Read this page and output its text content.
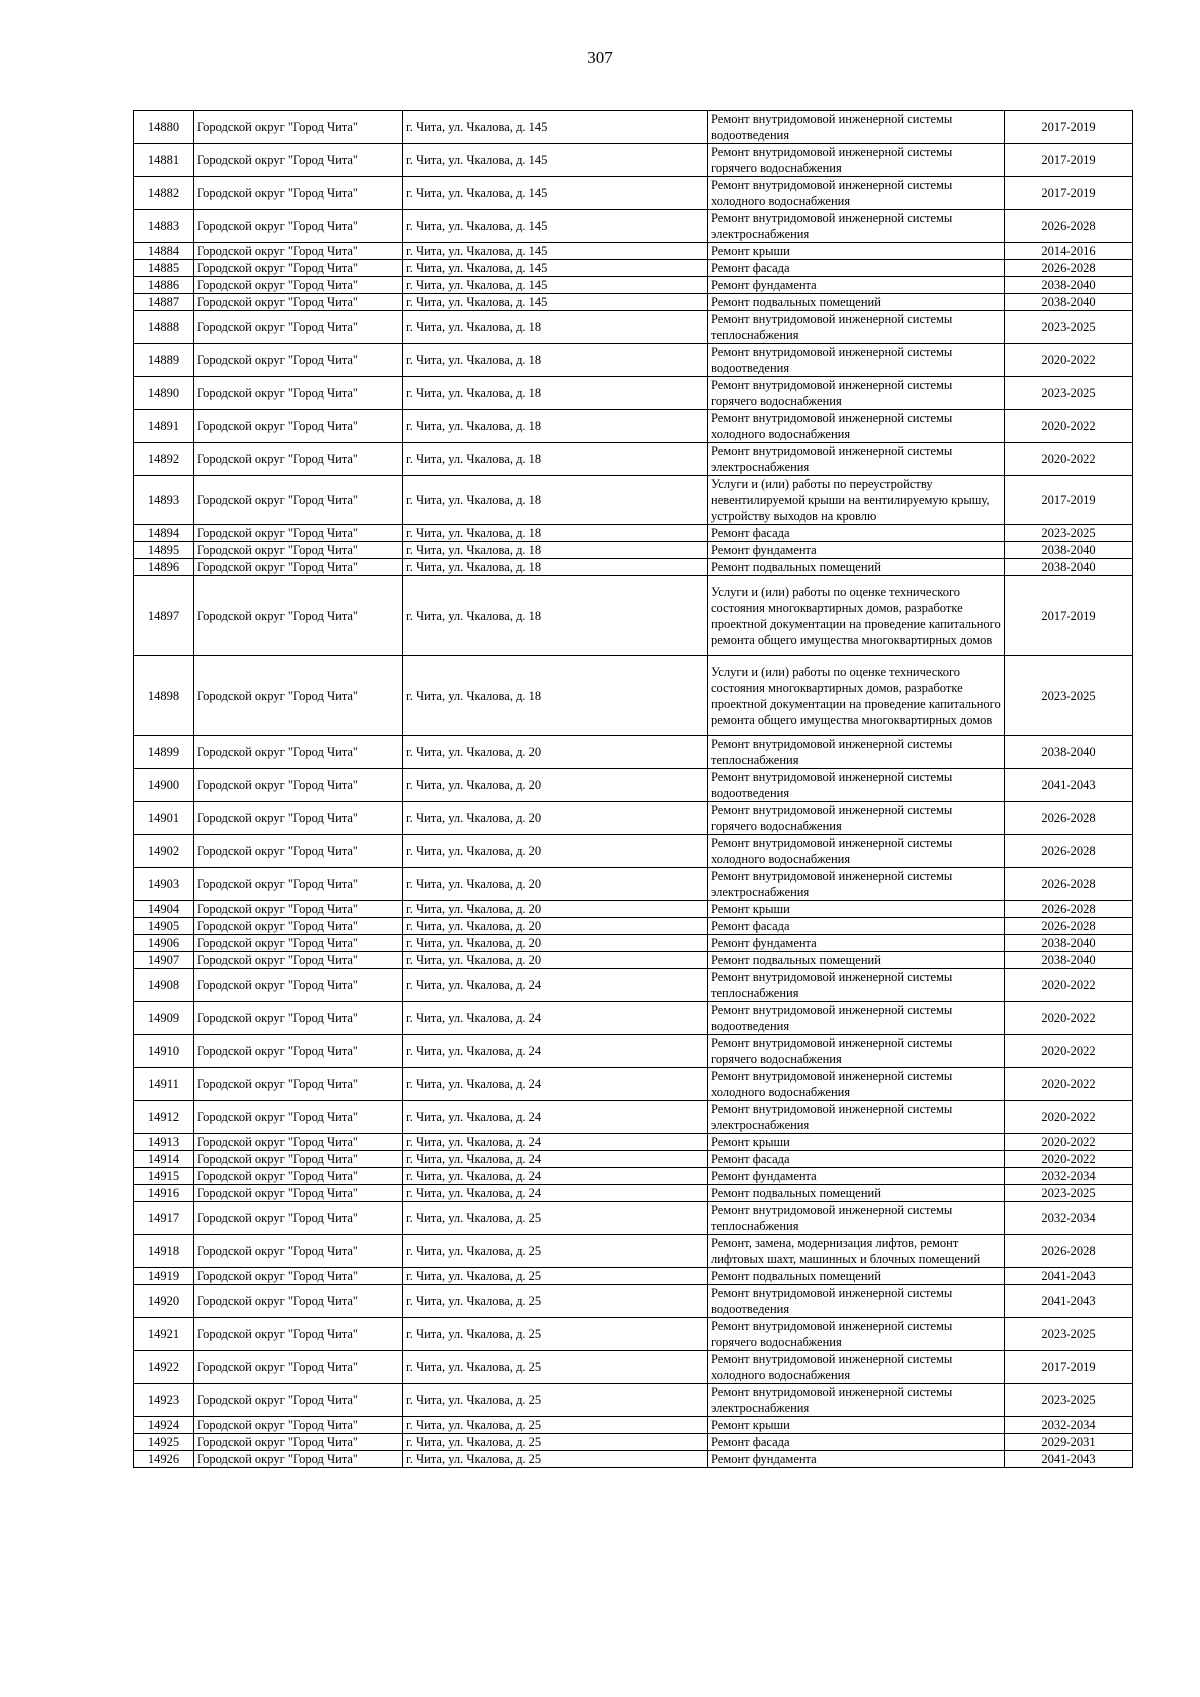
307
14880	Городской округ "Город Чита"	г. Чита, ул. Чкалова, д. 145	Ремонт внутридомовой инженерной системы водоотведения	2017-2019
14881	Городской округ "Город Чита"	г. Чита, ул. Чкалова, д. 145	Ремонт внутридомовой инженерной системы горячего водоснабжения	2017-2019
14882	Городской округ "Город Чита"	г. Чита, ул. Чкалова, д. 145	Ремонт внутридомовой инженерной системы холодного водоснабжения	2017-2019
14883	Городской округ "Город Чита"	г. Чита, ул. Чкалова, д. 145	Ремонт внутридомовой инженерной системы электроснабжения	2026-2028
14884	Городской округ "Город Чита"	г. Чита, ул. Чкалова, д. 145	Ремонт крыши	2014-2016
14885	Городской округ "Город Чита"	г. Чита, ул. Чкалова, д. 145	Ремонт фасада	2026-2028
14886	Городской округ "Город Чита"	г. Чита, ул. Чкалова, д. 145	Ремонт фундамента	2038-2040
14887	Городской округ "Город Чита"	г. Чита, ул. Чкалова, д. 145	Ремонт подвальных помещений	2038-2040
14888	Городской округ "Город Чита"	г. Чита, ул. Чкалова, д. 18	Ремонт внутридомовой инженерной системы теплоснабжения	2023-2025
14889	Городской округ "Город Чита"	г. Чита, ул. Чкалова, д. 18	Ремонт внутридомовой инженерной системы водоотведения	2020-2022
14890	Городской округ "Город Чита"	г. Чита, ул. Чкалова, д. 18	Ремонт внутридомовой инженерной системы горячего водоснабжения	2023-2025
14891	Городской округ "Город Чита"	г. Чита, ул. Чкалова, д. 18	Ремонт внутридомовой инженерной системы холодного водоснабжения	2020-2022
14892	Городской округ "Город Чита"	г. Чита, ул. Чкалова, д. 18	Ремонт внутридомовой инженерной системы электроснабжения	2020-2022
14893	Городской округ "Город Чита"	г. Чита, ул. Чкалова, д. 18	Услуги и (или) работы по переустройству невентилируемой крыши на вентилируемую крышу, устройству выходов на кровлю	2017-2019
14894	Городской округ "Город Чита"	г. Чита, ул. Чкалова, д. 18	Ремонт фасада	2023-2025
14895	Городской округ "Город Чита"	г. Чита, ул. Чкалова, д. 18	Ремонт фундамента	2038-2040
14896	Городской округ "Город Чита"	г. Чита, ул. Чкалова, д. 18	Ремонт подвальных помещений	2038-2040
14897	Городской округ "Город Чита"	г. Чита, ул. Чкалова, д. 18	Услуги и (или) работы по оценке технического состояния многоквартирных домов, разработке проектной документации на проведение капитального ремонта общего имущества многоквартирных домов	2017-2019
14898	Городской округ "Город Чита"	г. Чита, ул. Чкалова, д. 18	Услуги и (или) работы по оценке технического состояния многоквартирных домов, разработке проектной документации на проведение капитального ремонта общего имущества многоквартирных домов	2023-2025
14899	Городской округ "Город Чита"	г. Чита, ул. Чкалова, д. 20	Ремонт внутридомовой инженерной системы теплоснабжения	2038-2040
14900	Городской округ "Город Чита"	г. Чита, ул. Чкалова, д. 20	Ремонт внутридомовой инженерной системы водоотведения	2041-2043
14901	Городской округ "Город Чита"	г. Чита, ул. Чкалова, д. 20	Ремонт внутридомовой инженерной системы горячего водоснабжения	2026-2028
14902	Городской округ "Город Чита"	г. Чита, ул. Чкалова, д. 20	Ремонт внутридомовой инженерной системы холодного водоснабжения	2026-2028
14903	Городской округ "Город Чита"	г. Чита, ул. Чкалова, д. 20	Ремонт внутридомовой инженерной системы электроснабжения	2026-2028
14904	Городской округ "Город Чита"	г. Чита, ул. Чкалова, д. 20	Ремонт крыши	2026-2028
14905	Городской округ "Город Чита"	г. Чита, ул. Чкалова, д. 20	Ремонт фасада	2026-2028
14906	Городской округ "Город Чита"	г. Чита, ул. Чкалова, д. 20	Ремонт фундамента	2038-2040
14907	Городской округ "Город Чита"	г. Чита, ул. Чкалова, д. 20	Ремонт подвальных помещений	2038-2040
14908	Городской округ "Город Чита"	г. Чита, ул. Чкалова, д. 24	Ремонт внутридомовой инженерной системы теплоснабжения	2020-2022
14909	Городской округ "Город Чита"	г. Чита, ул. Чкалова, д. 24	Ремонт внутридомовой инженерной системы водоотведения	2020-2022
14910	Городской округ "Город Чита"	г. Чита, ул. Чкалова, д. 24	Ремонт внутридомовой инженерной системы горячего водоснабжения	2020-2022
14911	Городской округ "Город Чита"	г. Чита, ул. Чкалова, д. 24	Ремонт внутридомовой инженерной системы холодного водоснабжения	2020-2022
14912	Городской округ "Город Чита"	г. Чита, ул. Чкалова, д. 24	Ремонт внутридомовой инженерной системы электроснабжения	2020-2022
14913	Городской округ "Город Чита"	г. Чита, ул. Чкалова, д. 24	Ремонт крыши	2020-2022
14914	Городской округ "Город Чита"	г. Чита, ул. Чкалова, д. 24	Ремонт фасада	2020-2022
14915	Городской округ "Город Чита"	г. Чита, ул. Чкалова, д. 24	Ремонт фундамента	2032-2034
14916	Городской округ "Город Чита"	г. Чита, ул. Чкалова, д. 24	Ремонт подвальных помещений	2023-2025
14917	Городской округ "Город Чита"	г. Чита, ул. Чкалова, д. 25	Ремонт внутридомовой инженерной системы теплоснабжения	2032-2034
14918	Городской округ "Город Чита"	г. Чита, ул. Чкалова, д. 25	Ремонт, замена, модернизация лифтов, ремонт лифтовых шахт, машинных и блочных помещений	2026-2028
14919	Городской округ "Город Чита"	г. Чита, ул. Чкалова, д. 25	Ремонт подвальных помещений	2041-2043
14920	Городской округ "Город Чита"	г. Чита, ул. Чкалова, д. 25	Ремонт внутридомовой инженерной системы водоотведения	2041-2043
14921	Городской округ "Город Чита"	г. Чита, ул. Чкалова, д. 25	Ремонт внутридомовой инженерной системы горячего водоснабжения	2023-2025
14922	Городской округ "Город Чита"	г. Чита, ул. Чкалова, д. 25	Ремонт внутридомовой инженерной системы холодного водоснабжения	2017-2019
14923	Городской округ "Город Чита"	г. Чита, ул. Чкалова, д. 25	Ремонт внутридомовой инженерной системы электроснабжения	2023-2025
14924	Городской округ "Город Чита"	г. Чита, ул. Чкалова, д. 25	Ремонт крыши	2032-2034
14925	Городской округ "Город Чита"	г. Чита, ул. Чкалова, д. 25	Ремонт фасада	2029-2031
14926	Городской округ "Город Чита"	г. Чита, ул. Чкалова, д. 25	Ремонт фундамента	2041-2043
